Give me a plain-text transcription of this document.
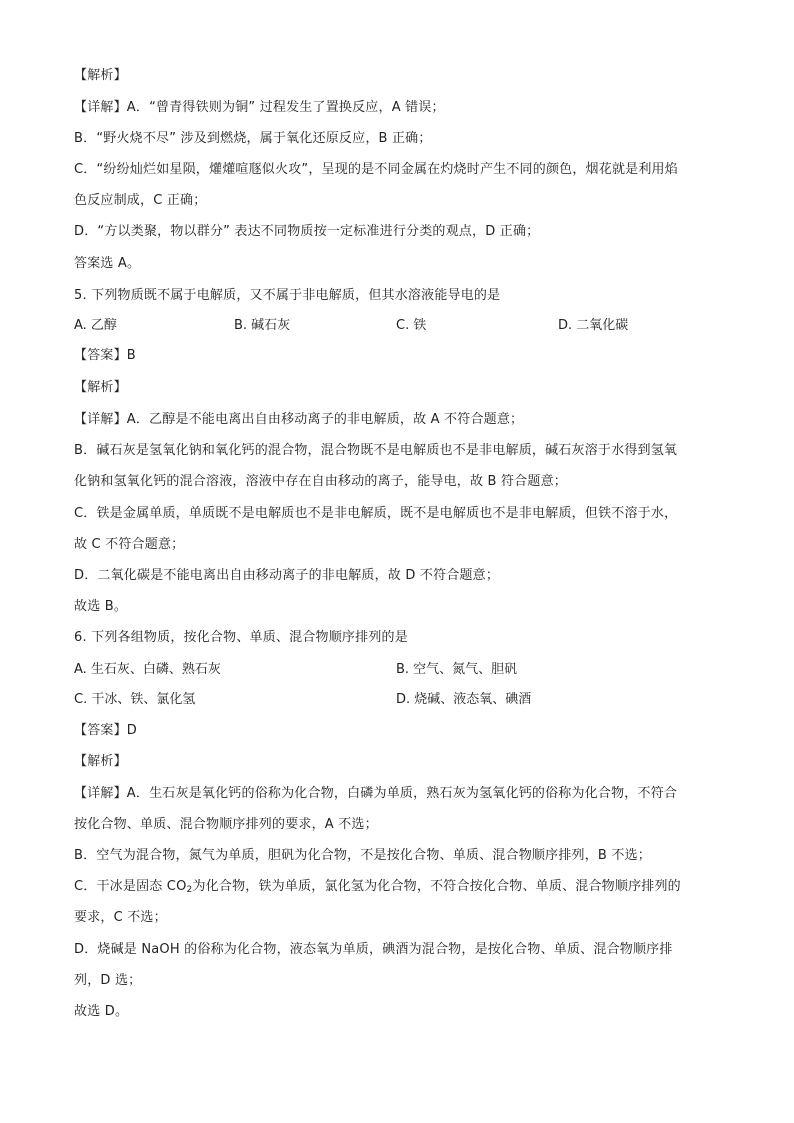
【解析】
【详解】A．“曾青得铁则为铜” 过程发生了置换反应，A 错误；
B．“野火烧不尽” 涉及到燃烧，属于氧化还原反应，B 正确；
C．“纷纷灿烂如星陨，爟爟喧豗似火攻”，呈现的是不同金属在灼烧时产生不同的颜色，烟花就是利用焰
色反应制成，C 正确；
D．“方以类聚，物以群分” 表达不同物质按一定标准进行分类的观点，D 正确；
答案选 A。
5. 下列物质既不属于电解质，又不属于非电解质，但其水溶液能导电的是
A. 乙醇	B. 碱石灰	C. 铁	D. 二氧化碳
【答案】B
【解析】
【详解】A．乙醇是不能电离出自由移动离子的非电解质，故 A 不符合题意；
B．碱石灰是氢氧化钠和氧化钙的混合物，混合物既不是电解质也不是非电解质，碱石灰溶于水得到氢氧
化钠和氢氧化钙的混合溶液，溶液中存在自由移动的离子，能导电，故 B 符合题意；
C．铁是金属单质，单质既不是电解质也不是非电解质，既不是电解质也不是非电解质，但铁不溶于水，
故 C 不符合题意；
D．二氧化碳是不能电离出自由移动离子的非电解质，故 D 不符合题意；
故选 B。
6. 下列各组物质，按化合物、单质、混合物顺序排列的是
A. 生石灰、白磷、熟石灰	B. 空气、氮气、胆矾
C. 干冰、铁、氯化氢	D. 烧碱、液态氧、碘酒
【答案】D
【解析】
【详解】A．生石灰是氧化钙的俗称为化合物，白磷为单质，熟石灰为氢氧化钙的俗称为化合物，不符合
按化合物、单质、混合物顺序排列的要求，A 不选；
B．空气为混合物，氮气为单质，胆矾为化合物，不是按化合物、单质、混合物顺序排列，B 不选；
C．干冰是固态 $CO_2$为化合物，铁为单质，氯化氢为化合物，不符合按化合物、单质、混合物顺序排列的
要求，C 不选；
D．烧碱是 NaOH 的俗称为化合物，液态氧为单质，碘酒为混合物，是按化合物、单质、混合物顺序排
列，D 选；
故选 D。
